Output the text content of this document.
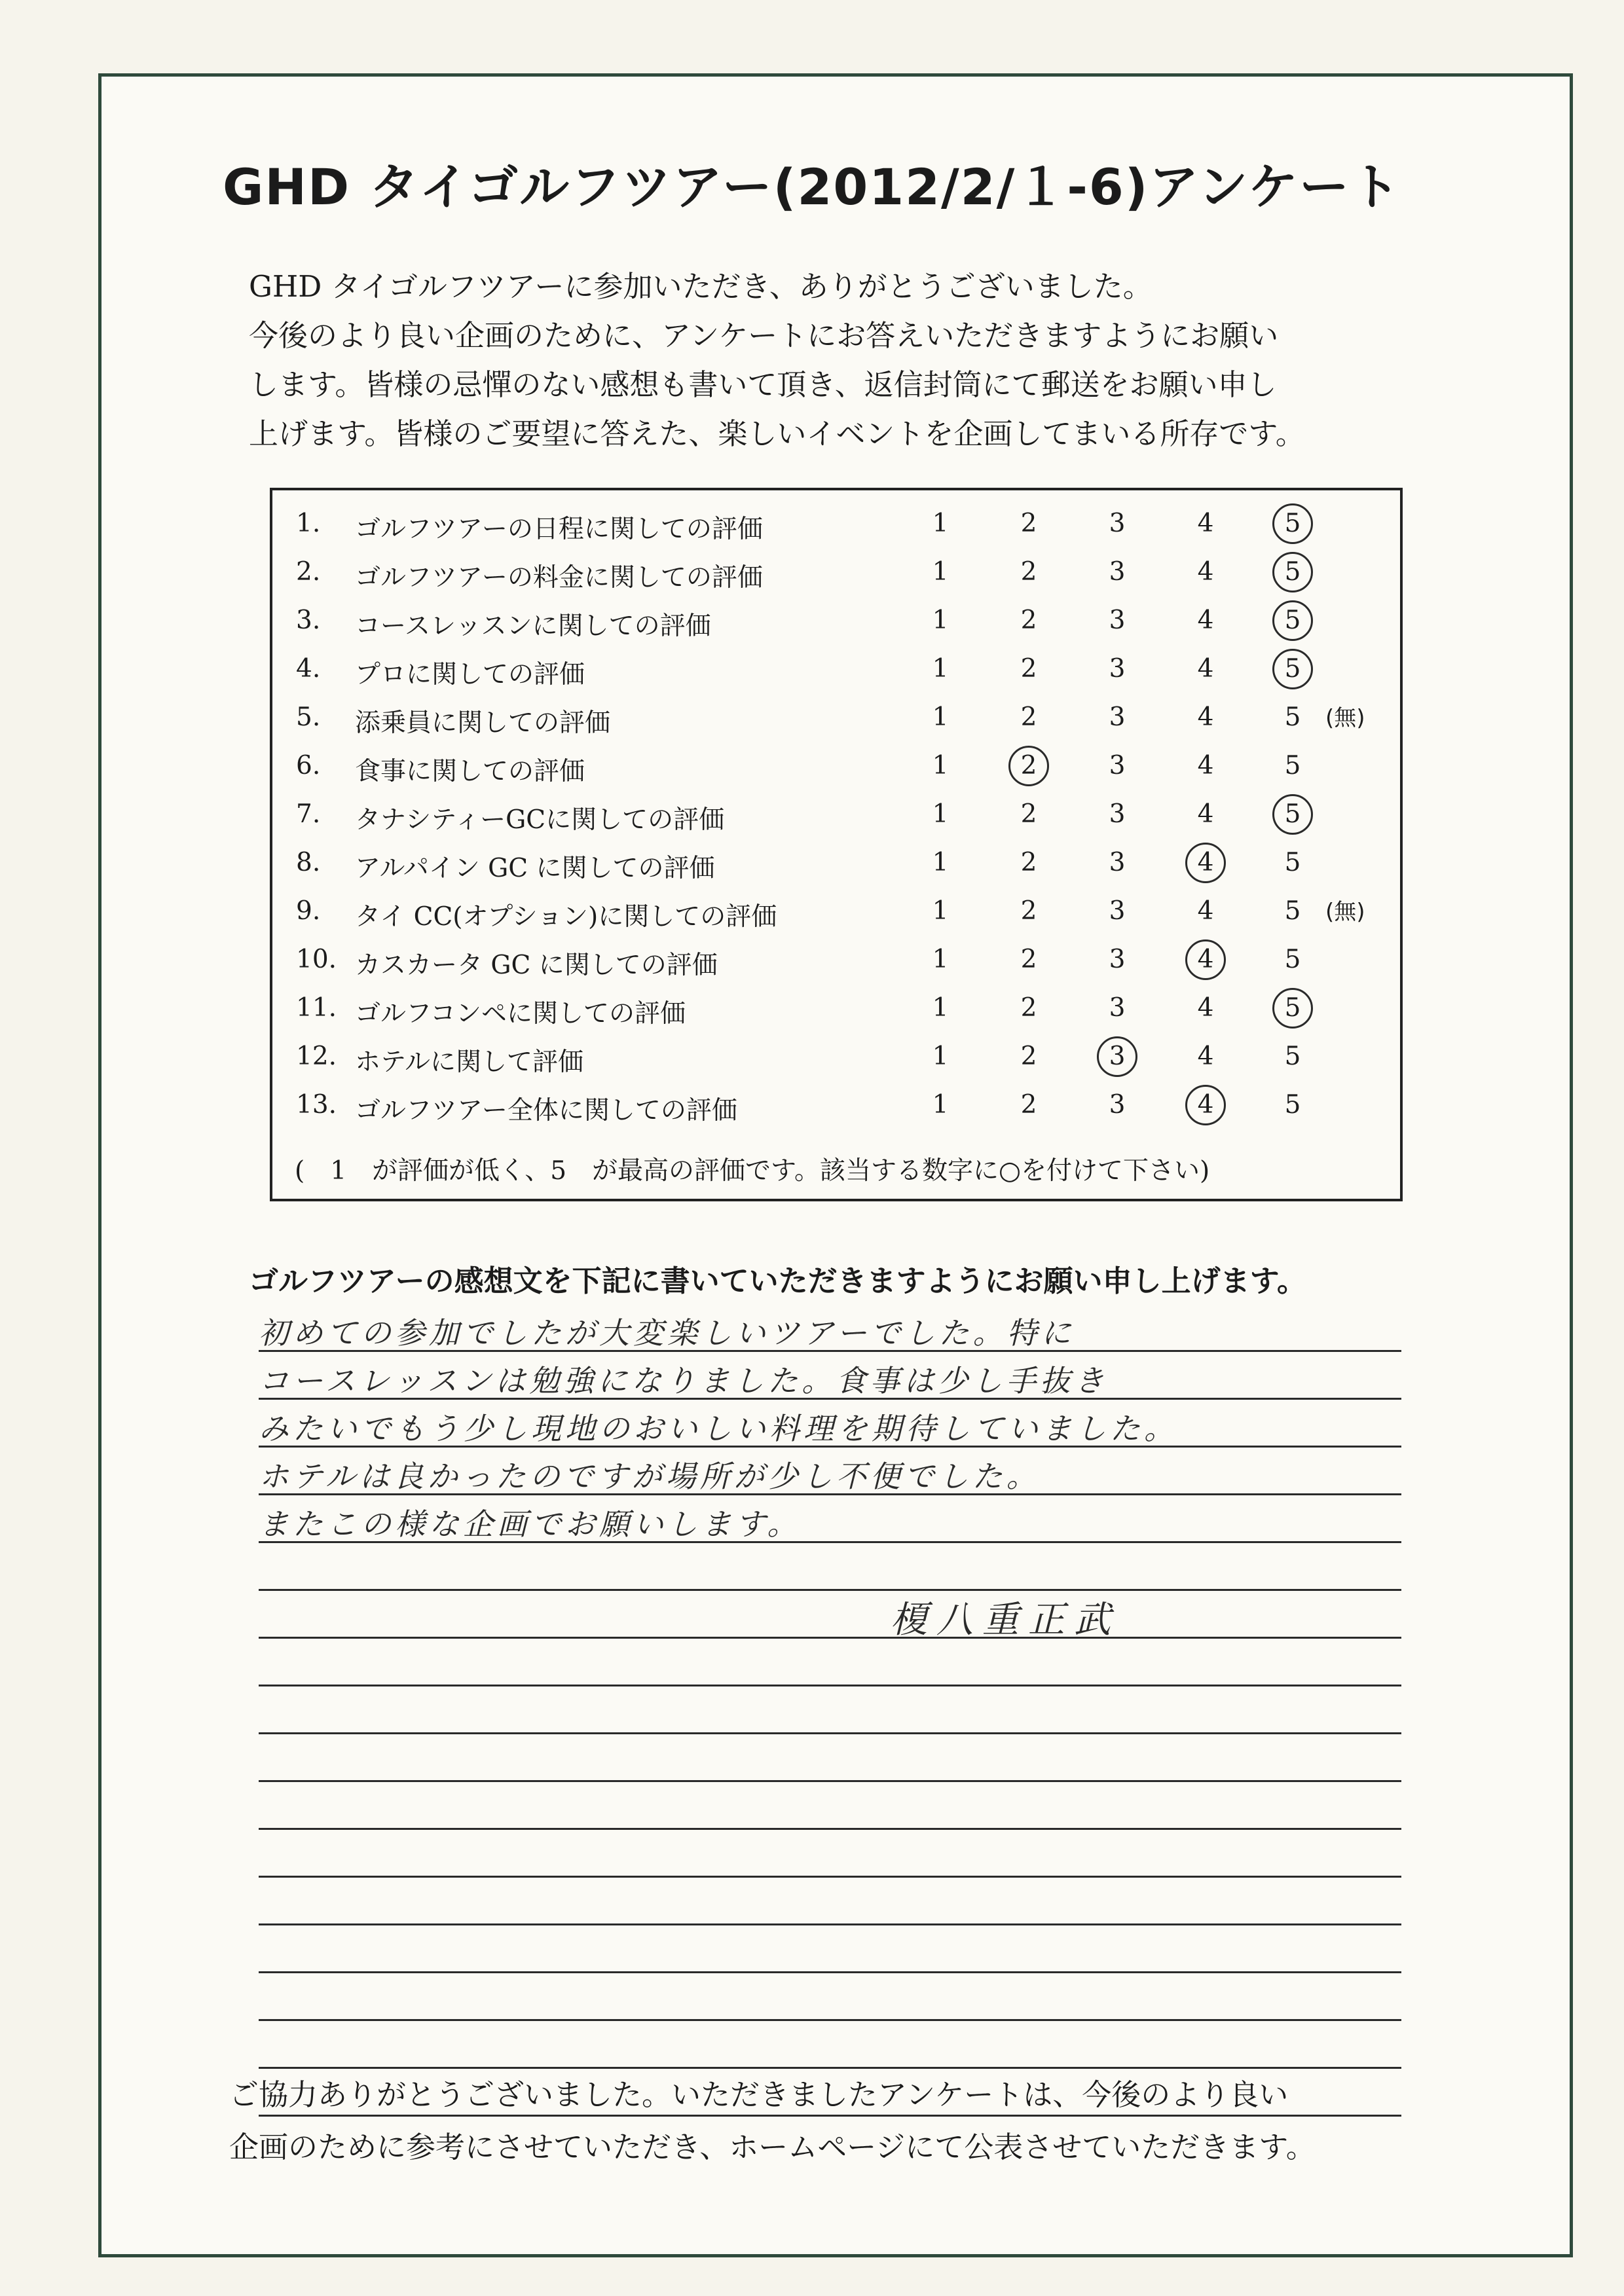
GHD タイゴルフツアー(2012/2/１-6)アンケート
GHD タイゴルフツアーに参加いただき、ありがとうございました。
今後のより良い企画のために、アンケートにお答えいただきますようにお願い
します。皆様の忌憚のない感想も書いて頂き、返信封筒にて郵送をお願い申し
上げます。皆様のご要望に答えた、楽しいイベントを企画してまいる所存です。
(　1　が評価が低く、5　が最高の評価です。該当する数字に○を付けて下さい)
1. ゴルフツアーの日程に関しての評価	1	2	3	4	5
2. ゴルフツアーの料金に関しての評価	1	2	3	4	5
3. コースレッスンに関しての評価	1	2	3	4	5
4. プロに関しての評価	1	2	3	4	5
5. 添乗員に関しての評価	1	2	3	4	5	(無)
6. 食事に関しての評価	1	2	3	4	5
7. タナシティーGCに関しての評価	1	2	3	4	5
8. アルパイン GC に関しての評価	1	2	3	4	5
9. タイ CC(オプション)に関しての評価	1	2	3	4	5	(無)
10. カスカータ GC に関しての評価	1	2	3	4	5
11. ゴルフコンペに関しての評価	1	2	3	4	5
12. ホテルに関して評価	1	2	3	4	5
13. ゴルフツアー全体に関しての評価	1	2	3	4	5
ゴルフツアーの感想文を下記に書いていただきますようにお願い申し上げます。
初めての参加でしたが大変楽しいツアーでした。特に
コースレッスンは勉強になりました。食事は少し手抜き
みたいでもう少し現地のおいしい料理を期待していました。
ホテルは良かったのですが場所が少し不便でした。
またこの様な企画でお願いします。
榎八重正武
ご協力ありがとうございました。いただきましたアンケートは、今後のより良い
企画のために参考にさせていただき、ホームページにて公表させていただきます。
